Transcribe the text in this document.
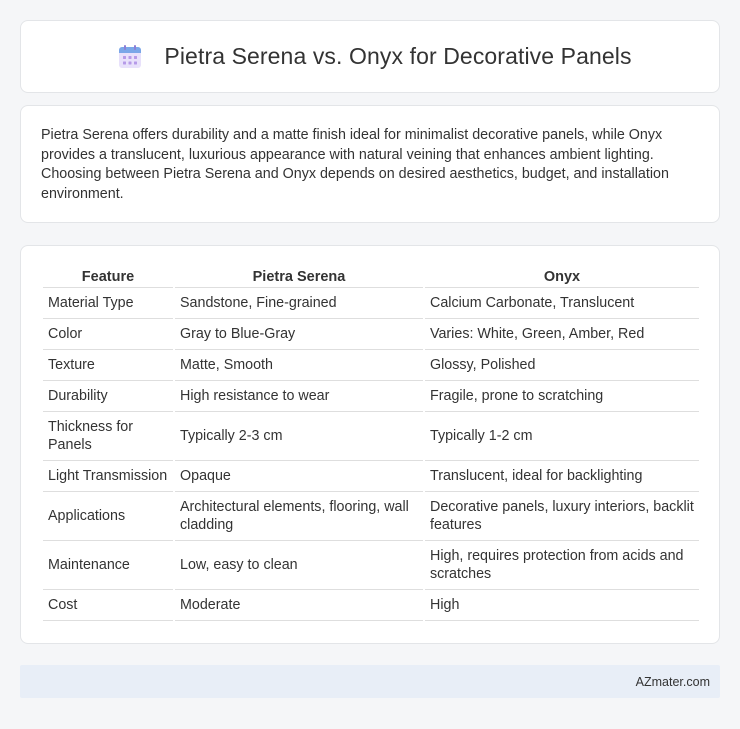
Pietra Serena vs. Onyx for Decorative Panels

Pietra Serena offers durability and a matte finish ideal for minimalist decorative panels, while Onyx provides a translucent, luxurious appearance with natural veining that enhances ambient lighting. Choosing between Pietra Serena and Onyx depends on desired aesthetics, budget, and installation environment.

Feature	Pietra Serena	Onyx
Material Type	Sandstone, Fine-grained	Calcium Carbonate, Translucent
Color	Gray to Blue-Gray	Varies: White, Green, Amber, Red
Texture	Matte, Smooth	Glossy, Polished
Durability	High resistance to wear	Fragile, prone to scratching
Thickness for Panels	Typically 2-3 cm	Typically 1-2 cm
Light Transmission	Opaque	Translucent, ideal for backlighting
Applications	Architectural elements, flooring, wall cladding	Decorative panels, luxury interiors, backlit features
Maintenance	Low, easy to clean	High, requires protection from acids and scratches
Cost	Moderate	High
AZmater.com
